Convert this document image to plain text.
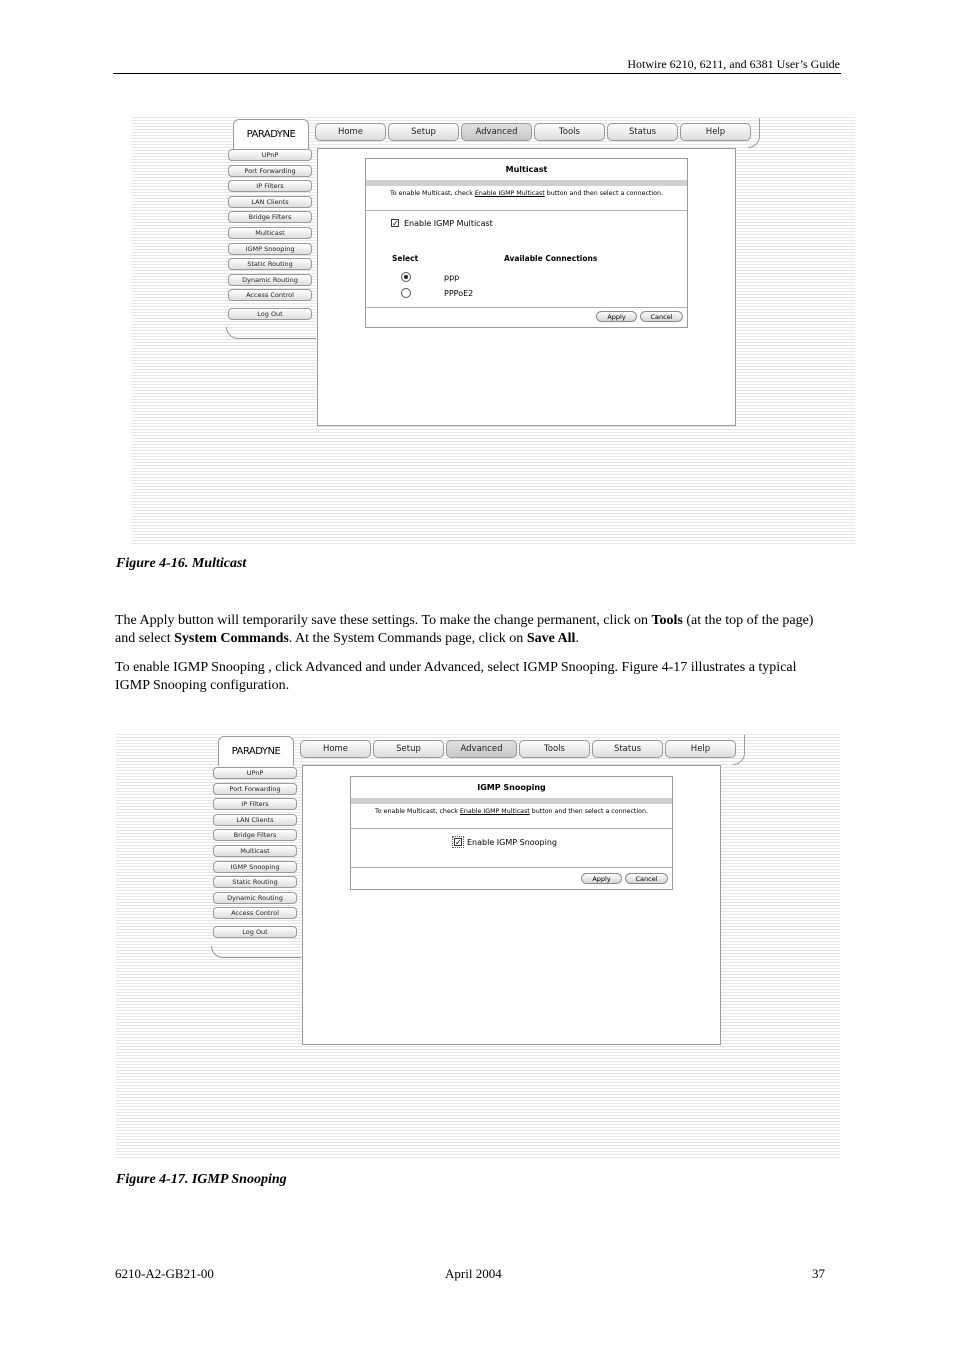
Hotwire 6210, 6211, and 6381 User’s Guide
PARADYNE	Home	Setup	Advanced	Tools	Status	Help
UPnP
Port Forwarding
IP Filters
LAN Clients
Bridge Filters
Multicast
IGMP Snooping
Static Routing
Dynamic Routing
Access Control
Log Out
Multicast
To enable Multicast, check Enable IGMP Multicast button and then select a connection.
✓ Enable IGMP Multicast
Select	Available Connections
ppp
PPPoE2
Apply	Cancel
Figure 4-16. Multicast

The Apply button will temporarily save these settings. To make the change permanent, click on Tools (at the top of the page) and select System Commands. At the System Commands page, click on Save All.

To enable IGMP Snooping , click Advanced and under Advanced, select IGMP Snooping. Figure 4-17 illustrates a typical IGMP Snooping configuration.

PARADYNE	Home	Setup	Advanced	Tools	Status	Help
UPnP
Port Forwarding
IP Filters
LAN Clients
Bridge Filters
Multicast
IGMP Snooping
Static Routing
Dynamic Routing
Access Control
Log Out
IGMP Snooping
To enable Multicast, check Enable IGMP Multicast button and then select a connection.
✓ Enable IGMP Snooping
Apply	Cancel
Figure 4-17. IGMP Snooping
6210-A2-GB21-00	April 2004	37
